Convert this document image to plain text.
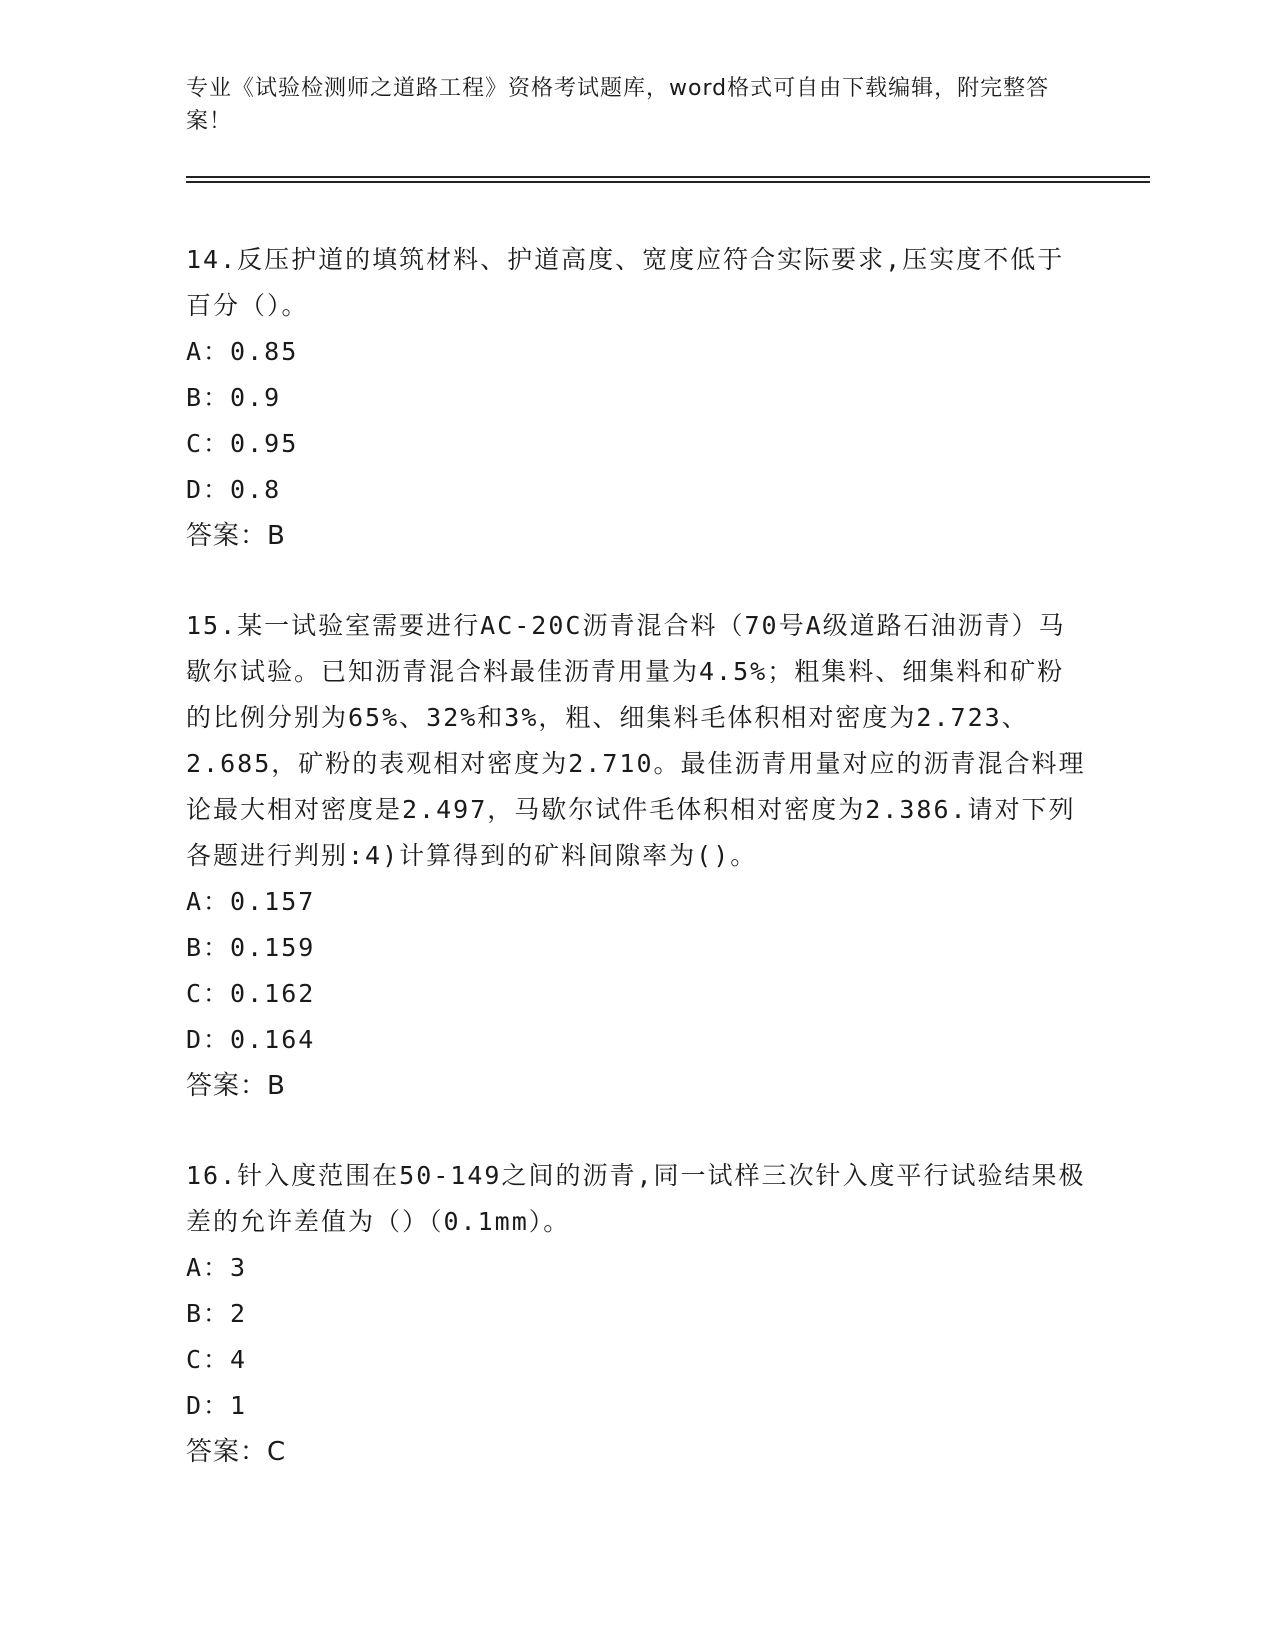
专业《试验检测师之道路工程》资格考试题库，word格式可自由下载编辑，附完整答案！

14.反压护道的填筑材料、护道高度、宽度应符合实际要求,压实度不低于百分（）。

A：0.85
B：0.9
C：0.95
D：0.8
答案：B

15.某一试验室需要进行AC-20C沥青混合料（70号A级道路石油沥青）马歇尔试验。已知沥青混合料最佳沥青用量为4.5%；粗集料、细集料和矿粉的比例分别为65%、32%和3%，粗、细集料毛体积相对密度为2.723、2.685，矿粉的表观相对密度为2.710。最佳沥青用量对应的沥青混合料理论最大相对密度是2.497，马歇尔试件毛体积相对密度为2.386.请对下列各题进行判别:4)计算得到的矿料间隙率为()。

A：0.157
B：0.159
C：0.162
D：0.164
答案：B

16.针入度范围在50-149之间的沥青,同一试样三次针入度平行试验结果极差的允许差值为（）（0.1mm）。

A：3
B：2
C：4
D：1
答案：C
